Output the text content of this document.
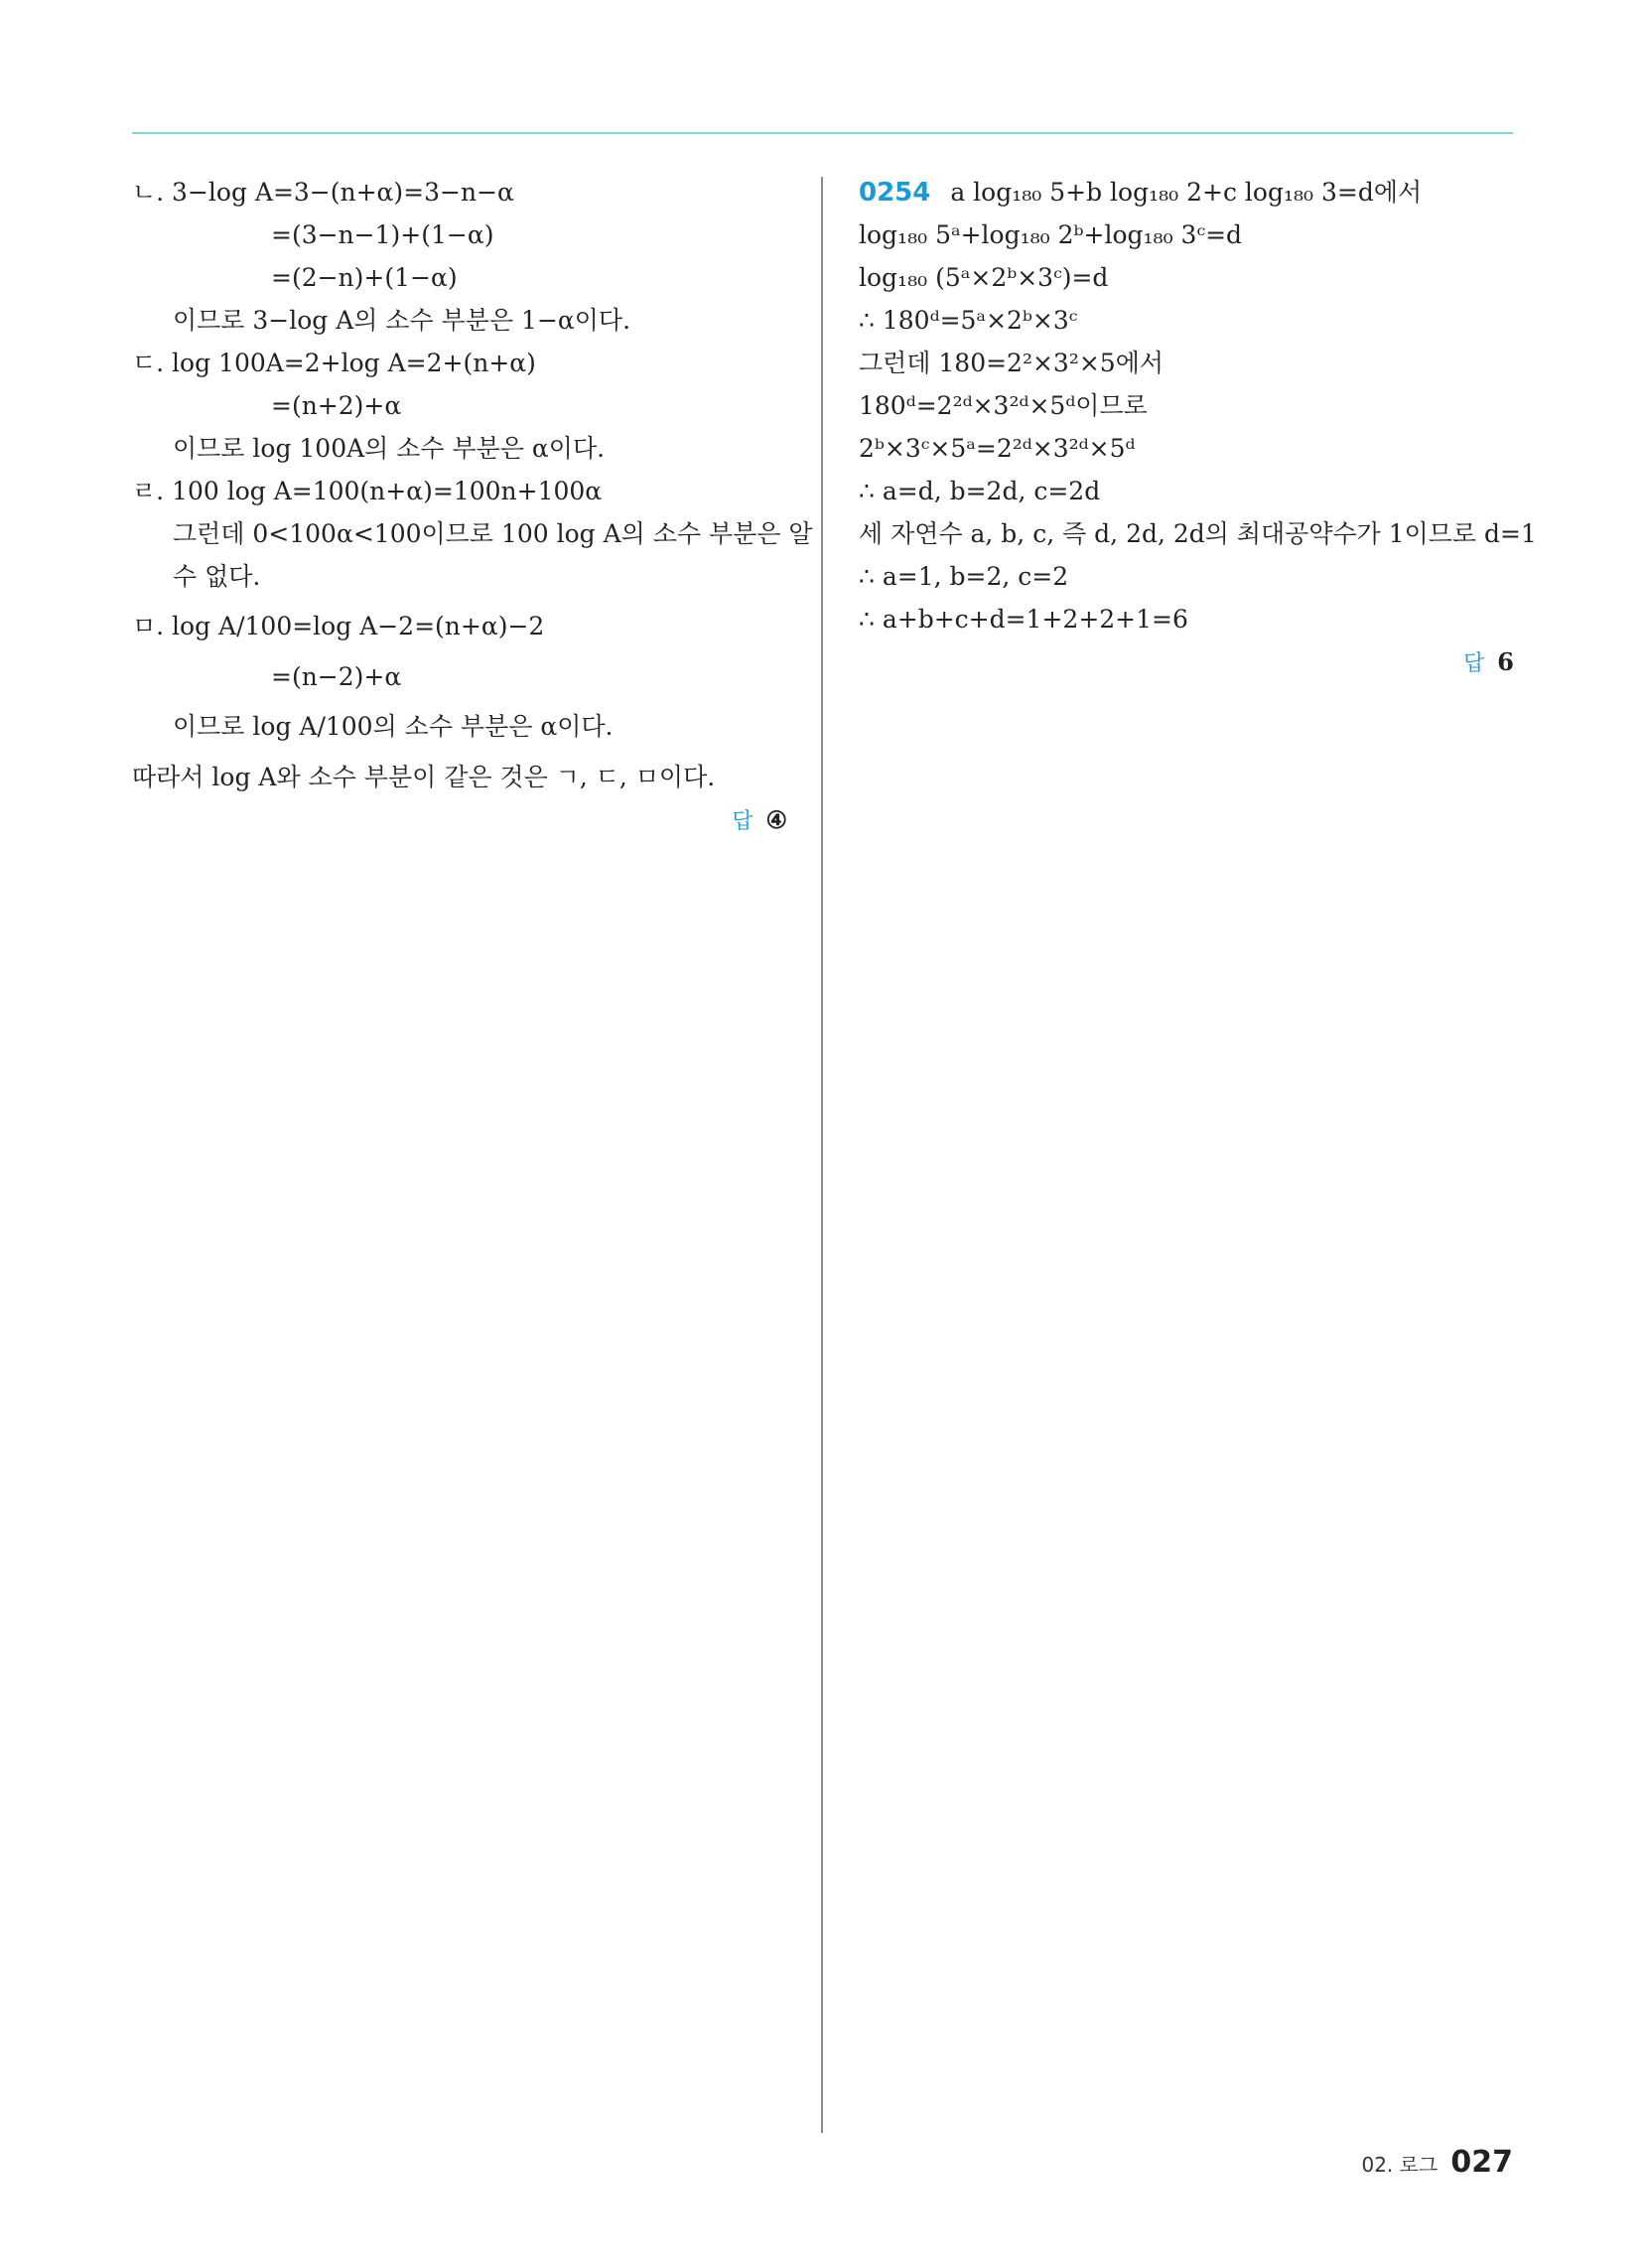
ㄴ. 3−log A=3−(n+α)=3−n−α
=(3−n−1)+(1−α)
=(2−n)+(1−α)
이므로 3−log A의 소수 부분은 1−α이다.
ㄷ. log 100A=2+log A=2+(n+α)
=(n+2)+α
이므로 log 100A의 소수 부분은 α이다.
ㄹ. 100 log A=100(n+α)=100n+100α
그런데 0<100α<100이므로 100 log A의 소수 부분은 알
수 없다.
ㅁ. log A/100=log A−2=(n+α)−2
=(n−2)+α
이므로 log A/100의 소수 부분은 α이다.
따라서 log A와 소수 부분이 같은 것은 ㄱ, ㄷ, ㅁ이다.
답 ④
0254 a log₁₈₀ 5+b log₁₈₀ 2+c log₁₈₀ 3=d에서
log₁₈₀ 5ᵃ+log₁₈₀ 2ᵇ+log₁₈₀ 3ᶜ=d
log₁₈₀ (5ᵃ×2ᵇ×3ᶜ)=d
∴ 180ᵈ=5ᵃ×2ᵇ×3ᶜ
그런데 180=2²×3²×5에서
180ᵈ=2²ᵈ×3²ᵈ×5ᵈ이므로
2ᵇ×3ᶜ×5ᵃ=2²ᵈ×3²ᵈ×5ᵈ
∴ a=d, b=2d, c=2d
세 자연수 a, b, c, 즉 d, 2d, 2d의 최대공약수가 1이므로 d=1
∴ a=1, b=2, c=2
∴ a+b+c+d=1+2+2+1=6
답 6
02. 로그 027
